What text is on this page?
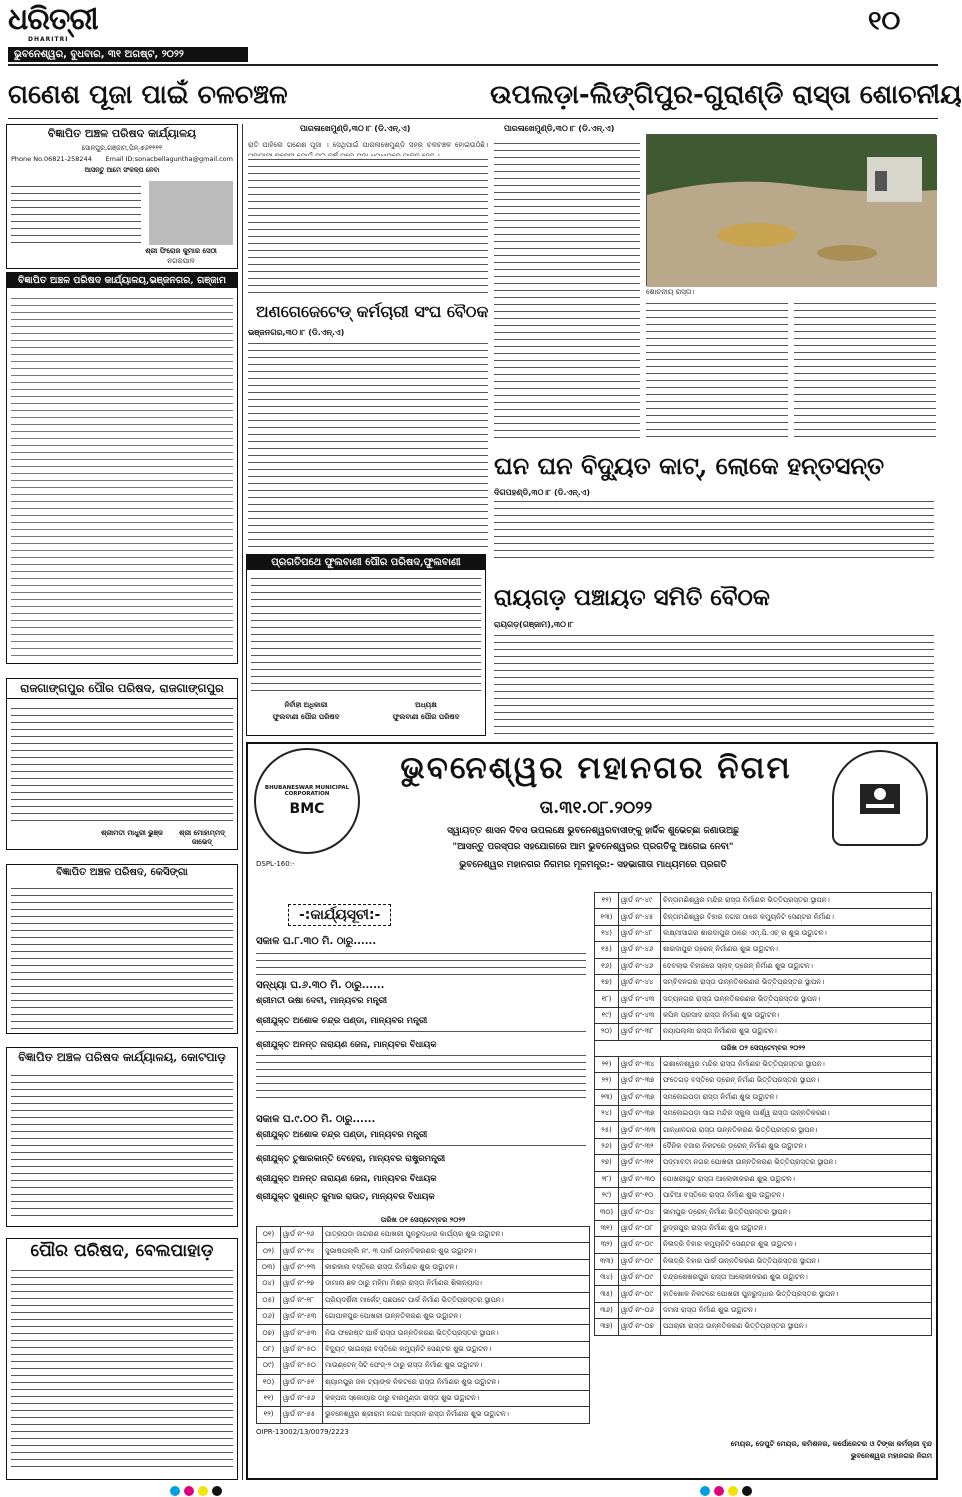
ଧରିତ୍ରୀ
DHARITRI
ଭୁବନେଶ୍ୱର, ବୁଧବାର, ୩୧ ଅଗଷ୍ଟ, ୨୦୨୨
୧୦
ଗଣେଶ ପୂଜା ପାଇଁ ଚଳଚଞ୍ଚଳ	ଉପଲଡ଼ା-ଲିଙ୍ଗିପୁର-ଗୁରାଣ୍ଡି ରାସ୍ତା ଶୋଚନୀୟ
ବିଜ୍ଞାପିତ ଅଞ୍ଚଳ ପରିଷଦ କାର୍ଯ୍ୟାଳୟ
ସୋନପୁର,ଗଞ୍ଜାମ,ପିନ୍-୭୬୧୧୧୧
Phone No.06821-258244 Email ID:sonacbellaguntha@gmail.com
ଆସନ୍ତୁ ଆମେ ସଂକଳ୍ପ ନେବା
ଶ୍ରୀ ଫିରୋଜ କୁମାର ସେଠୀ
ନଗରପାଳ
ବିଜ୍ଞାପିତ ଅଞ୍ଚଳ ପରିଷଦ କାର୍ଯ୍ୟାଳୟ,ଭଞ୍ଜନଗର, ଗଞ୍ଜାମ
ରାଜଗାଙ୍ଗପୁର ପୌର ପରିଷଦ, ରାଜଗାଙ୍ଗପୁର
ଶ୍ରୀମତୀ ମାଧୁରୀ ଭୁଞ୍ଜ	ଶ୍ରୀ ମୋହାମ୍ମଦ୍ ଜାଭେଦ୍
ବିଜ୍ଞାପିତ ଅଞ୍ଚଳ ପରିଷଦ, କେସିଙ୍ଗା
ବିଜ୍ଞାପିତ ଅଞ୍ଚଳ ପରିଷଦ କାର୍ଯ୍ୟାଳୟ, କୋଟପାଡ଼
ପୌର ପରିଷଦ, ବେଲପାହାଡ଼
ପାରଳାଖେମୁଣ୍ଡି,୩୦।୮ (ଡି.ଏନ୍.ଏ)
ରାତି ପାହିଲେ ଗଣେଶ ପୂଜା । ସେଥିପାଇଁ ପାରଳାଖେମୁଣ୍ଡି ସହର ଚଳଚଞ୍ଚଳ ହୋଇଉଠିଛି।
ପାରଳାଖେମୁଣ୍ଡି,୩୦।୮ (ଡି.ଏନ୍.ଏ)
ଶୋଚନୀୟ ରାସ୍ତା।
ଅଣଗେଜେଟେଡ୍ କର୍ମଚାରୀ ସଂଘ ବୈଠକ
ଭଞ୍ଜନଗର,୩୦।୮ (ଡି.ଏନ୍.ଏ)
ଘନ ଘନ ବିଦ୍ୟୁତ କାଟ୍, ଲୋକେ ହନ୍ତସନ୍ତ
ଦିଗପହଣ୍ଡି,୩୦।୮ (ଡି.ଏନ୍.ଏ)
ପ୍ରଗତିପଥେ ଫୁଲବାଣୀ ପୌର ପରିଷଦ,ଫୁଲବାଣୀ
ନିର୍ବାହୀ ଅଧିକାରୀ
ଫୁଲବାଣୀ ପୌର ପରିଷଦ
ଅଧ୍ୟକ୍ଷ
ଫୁଲବାଣୀ ପୌର ପରିଷଦ
ରାୟଗଡ଼ ପଞ୍ଚାୟତ ସମିତି ବୈଠକ
ରାୟଗଡ଼(ଗଞ୍ଜାମ),୩୦।୮
BHUBANESWAR MUNICIPAL CORPORATION
BMC
ଭୁବନେଶ୍ୱର ମହାନଗର ନିଗମ
ତା.୩୧.୦୮.୨୦୨୨
ସ୍ୱାୟତ୍ତ ଶାସନ ଦିବସ ଉପଲକ୍ଷେ ଭୁବନେଶ୍ୱରବାସୀଙ୍କୁ ହାର୍ଦ୍ଦିକ ଶୁଭେଚ୍ଛା ଜଣାଉଅଛୁ
"ଆସନ୍ତୁ ପରସ୍ପର ସହଯୋଗରେ ଆମ ଭୁବନେଶ୍ୱରର ପ୍ରଗତିକୁ ଆଗେଇ ନେବା"
ଭୁବନେଶ୍ୱର ମହାନଗର ନିଗମର ମୂଳମନ୍ତ୍ର:- ସହଭାଗୀତା ମାଧ୍ୟମରେ ପ୍ରଗତି
DSPL-160:-
-:କାର୍ଯ୍ୟସୂଚୀ:-
ସକାଳ ଘ.୮.୩୦ ମି. ଠାରୁ......
ସନ୍ଧ୍ୟା ଘ.୬.୩୦ ମି. ଠାରୁ......
ଶ୍ରୀମତୀ ଉଷା ଦେବୀ, ମାନ୍ୟବର ମନ୍ତ୍ରୀ
ଶ୍ରୀଯୁକ୍ତ ଅଶୋକ ଚନ୍ଦ୍ର ପଣ୍ଡା, ମାନ୍ୟବର ମନ୍ତ୍ରୀ
ଶ୍ରୀଯୁକ୍ତ ଅନନ୍ତ ନାରାୟଣ ଜେନା, ମାନ୍ୟବର ବିଧାୟକ
ସକାଳ ଘ.୯.୦୦ ମି. ଠାରୁ......
ଶ୍ରୀଯୁକ୍ତ ଅଶୋକ ଚନ୍ଦ୍ର ପଣ୍ଡା, ମାନ୍ୟବର ମନ୍ତ୍ରୀ
ଶ୍ରୀଯୁକ୍ତ ତୁଷାରକାନ୍ତି ବେହେରା, ମାନ୍ୟବର ରାଷ୍ଟ୍ରମନ୍ତ୍ରୀ
ଶ୍ରୀଯୁକ୍ତ ଅନନ୍ତ ନାରାୟଣ ଜେନା, ମାନ୍ୟବର ବିଧାୟକ
ଶ୍ରୀଯୁକ୍ତ ସୁଶାନ୍ତ କୁମାର ରାଉତ, ମାନ୍ୟବର ବିଧାୟକ
ତାରିଖ ୦୧ ସେପ୍ଟେମ୍ବର ୨୦୨୨
୦୧)	ୱାର୍ଡ ନଂ-୨୬	ପାତ୍ରପଡ଼ା ଜାଗରଣ ପୋଖରୀ ପୁନରୁଦ୍ଧାର କାର୍ଯ୍ୟର ଶୁଭ ଉଦ୍ଘାଟନ।
୦୨)	ୱାର୍ଡ ନଂ-୨୪	ସୁଭାଷପଲ୍ଲି ନଂ. ୩ ପାର୍କ ଉନ୍ନତିକରଣର ଶୁଭ ଉଦ୍ଘାଟନ।
୦୩)	ୱାର୍ଡ ନଂ-୨୩	କାରକାନା ବସ୍ତିରେ ରାସ୍ତା ନିର୍ମାଣର ଶୁଭ ଉଦ୍ଘାଟନ।
୦୪)	ୱାର୍ଡ ନଂ-୨୭	ଡାମାନା ଛକ ଠାରୁ ମହିମା ମିଶ୍ର ରାସ୍ତା ନିର୍ମାଣର ଶିଳାନ୍ୟାସ।
୦୫)	ୱାର୍ଡ ନଂ-୧୮	ପ୍ରିୟଦର୍ଶିନୀ ମାର୍କେଟ୍ ପଛପଟେ ପାର୍କ ନିର୍ମାଣ ଭିତ୍ତିପ୍ରସ୍ତର ସ୍ଥାପନ।
୦୬)	ୱାର୍ଡ ନଂ-୫୩	ଗୋପାଳପୁର ପୋଖରୀ ଉନ୍ନତିକରଣ ଶୁଭ ଉଦ୍ଘାଟନ।
୦୭)	ୱାର୍ଡ ନଂ-୫୩	ନିଉ ଫରେଷ୍ଟ ପାର୍କ ରାସ୍ତା ଉନ୍ନତିକରଣ ଭିତ୍ତିପ୍ରସ୍ତର ସ୍ଥାପନ।
୦୮)	ୱାର୍ଡ ନଂ-୫୦	ବିଦ୍ୟୁତ୍ ଭାଇଚାରା ବସ୍ତିରେ କମ୍ୟୁନିଟି ସେଣ୍ଟର ଶୁଭ ଉଦ୍ଘାଟନ।
୦୯)	ୱାର୍ଡ ନଂ-୫୦	ମାଉଣ୍ଟେନ୍ ସିଟି ଫେଜ୍-୨ ଠାରୁ ରାସ୍ତା ନିର୍ମାଣ ଶୁଭ ଉଦ୍ଘାଟନ।
୧୦)	ୱାର୍ଡ ନଂ-୫୧	ଶ୍ୟାମପୁର ଜଳ ଟ୍ୟାଙ୍କ ନିକଟରେ ରାସ୍ତା ନିର୍ମାଣର ଶୁଭ ଉଦ୍ଘାଟନ।
୧୧)	ୱାର୍ଡ ନଂ-୫୬	କଳ୍ପନା ସ୍କୋୟାର ଠାରୁ ବାରମୁଣ୍ଡା ରାସ୍ତା ଶୁଭ ଉଦ୍ଘାଟନ।
୧୨)	ୱାର୍ଡ ନଂ-୫୫	ଭୁବନେଶ୍ୱର ଶ୍ରୀରାମ ନଗର ଆସ୍ତାନ ରାସ୍ତା ନିର୍ମାଣର ଶୁଭ ଉଦ୍ଘାଟନ।
OIPR-13002/13/0079/2223
୧୨)	ୱାର୍ଡ ନଂ-୪୯	ଚିନ୍ତାମଣିଶ୍ୱର ମନ୍ଦିର ରାସ୍ତା ନିର୍ମାଣର ଭିତ୍ତିପ୍ରସ୍ତର ସ୍ଥାପନ।
୧୩)	ୱାର୍ଡ ନଂ-୪୫	ଚିନ୍ତାମଣିଶ୍ୱର ବିହାର ନଗର ଠାରେ କମ୍ୟୁନିଟି ସେଣ୍ଟର ନିର୍ମାଣ।
୧୪)	ୱାର୍ଡ ନଂ-୪୮	ଲକ୍ଷ୍ମୀସାଗର ଶାରଦାପୁର ଠାରେ ଏମ୍.ପି.ଏଚ୍ ର ଶୁଭ ଉଦ୍ଘାଟନ।
୧୫)	ୱାର୍ଡ ନଂ-୪୬	ଶାରଦାପୁର ଡ୍ରେନ୍ ନିର୍ମାଣର ଶୁଭ ଉଦ୍ଘାଟନ।
୧୬)	ୱାର୍ଡ ନଂ-୪୬	ଦେବଲାଭ ବିହାରରେ ସ୍ଲାବ୍ ଡ୍ରେନ୍ ନିର୍ମାଣ ଶୁଭ ଉଦ୍ଘାଟନ।
୧୭)	ୱାର୍ଡ ନଂ-୪୪	ସମ୍ବିଦନଗର ରାସ୍ତା ଉନ୍ନତିକରଣର ଭିତ୍ତିପ୍ରସ୍ତର ସ୍ଥାପନ।
୧୮)	ୱାର୍ଡ ନଂ-୪୩	ସତ୍ୟନଗର ରାସ୍ତା ଉନ୍ନତିକରଣର ଭିତ୍ତିପ୍ରସ୍ତର ସ୍ଥାପନ।
୧୯)	ୱାର୍ଡ ନଂ-୪୩	କପିଳ ପ୍ରସାଦ ରାସ୍ତା ନିର୍ମାଣ ଶୁଭ ଉଦ୍ଘାଟନ।
୨୦)	ୱାର୍ଡ ନଂ-୩୮	ନୟାପଲ୍ଲୀ ରାସ୍ତା ନିର୍ମାଣର ଶୁଭ ଉଦ୍ଘାଟନ।
ତାରିଖ ୦୨ ସେପ୍ଟେମ୍ବର ୨୦୨୨		
୨୧)	ୱାର୍ଡ ନଂ-୩୪	ଇଶାନେଶ୍ୱର ମନ୍ଦିର ରାସ୍ତା ନିର୍ମାଣର ଭିତ୍ତିପ୍ରସ୍ତର ସ୍ଥାପନ।
୨୨)	ୱାର୍ଡ ନଂ-୩୭	ଫତେଗଡ଼ ବସ୍ତିରେ ଡ୍ରେନ୍ ନିର୍ମାଣ ଭିତ୍ତିପ୍ରସ୍ତର ସ୍ଥାପନ।
୨୩)	ୱାର୍ଡ ନଂ-୩୭	ସମଲେଇପଡ଼ା ରାସ୍ତା ନିର୍ମାଣ ଶୁଭ ଉଦ୍ଘାଟନ।
୨୪)	ୱାର୍ଡ ନଂ-୩୭	ସମଲେଇପଡ଼ା ସାଇ ମନ୍ଦିର ସ୍କୁଲ ପାର୍ଶ୍ୱ ରାସ୍ତା ଉନ୍ନତିକରଣ।
୨୫)	ୱାର୍ଡ ନଂ-୩୩	ଗାନ୍ଧୀନଗର ରାସ୍ତା ଉନ୍ନତିକରଣ ଭିତ୍ତିପ୍ରସ୍ତର ସ୍ଥାପନ।
୨୬)	ୱାର୍ଡ ନଂ-୩୨	ଦୈନିକ ବଜାର ନିକଟରେ ଡ୍ରେନ୍ ନିର୍ମାଣ ଶୁଭ ଉଦ୍ଘାଟନ।
୨୭)	ୱାର୍ଡ ନଂ-୩୧	ପଦ୍ମାବତୀ ନଗର ପୋଖରୀ ଉନ୍ନତିକରଣ ଭିତ୍ତିପ୍ରସ୍ତର ସ୍ଥାପନ।
୨୮)	ୱାର୍ଡ ନଂ-୩୦	ପୋଖରୀପୁଟ ରାସ୍ତା ଆଲୋକୀକରଣ ଶୁଭ ଉଦ୍ଘାଟନ।
୨୯)	ୱାର୍ଡ ନଂ-୧୦	ପାଟିଆ ବସ୍ତିରେ ରାସ୍ତା ନିର୍ମାଣ ଶୁଭ ଉଦ୍ଘାଟନ।
୩୦)	ୱାର୍ଡ ନଂ-୦୪	ଭୀମପୁର ଡ୍ରେନ୍ ନିର୍ମାଣ ଭିତ୍ତିପ୍ରସ୍ତର ସ୍ଥାପନ।
୩୧)	ୱାର୍ଡ ନଂ-୦୮	ରୁଦ୍ରପୁର ରାସ୍ତା ନିର୍ମାଣ ଶୁଭ ଉଦ୍ଘାଟନ।
୩୨)	ୱାର୍ଡ ନଂ-୦୯	ନିଳାଦ୍ରି ବିହାର କମ୍ୟୁନିଟି ସେଣ୍ଟର ଶୁଭ ଉଦ୍ଘାଟନ।
୩୩)	ୱାର୍ଡ ନଂ-୦୯	ନିଳାଦ୍ରି ବିହାର ପାର୍କ ଉନ୍ନତିକରଣ ଭିତ୍ତିପ୍ରସ୍ତର ସ୍ଥାପନ।
୩୪)	ୱାର୍ଡ ନଂ-୦୯	ଚନ୍ଦ୍ରଶେଖରପୁର ରାସ୍ତା ଆଲୋକୀକରଣ ଶୁଭ ଉଦ୍ଘାଟନ।
୩୫)	ୱାର୍ଡ ନଂ-୦୯	ହାତିଖୋଳ ନିକଟରେ ପୋଖରୀ ପୁନରୁଦ୍ଧାର ଭିତ୍ତିପ୍ରସ୍ତର ସ୍ଥାପନ।
୩୬)	ୱାର୍ଡ ନଂ-୦୬	ଦମନା ରାସ୍ତା ନିର୍ମାଣ ଶୁଭ ଉଦ୍ଘାଟନ।
୩୭)	ୱାର୍ଡ ନଂ-୦୭	ପଥଚାରୀ ରାସ୍ତା ଉନ୍ନତିକରଣ ଭିତ୍ତିପ୍ରସ୍ତର ସ୍ଥାପନ।
ମେୟର, ଡେପୁଟି ମେୟର, କମିଶନର, କର୍ପୋରେଟର ଓ ଟିଙ୍କା କର୍ମଚାରୀ ବୃନ୍ଦ
ଭୁବନେଶ୍ୱର ମହାନଗର ନିଗମ
